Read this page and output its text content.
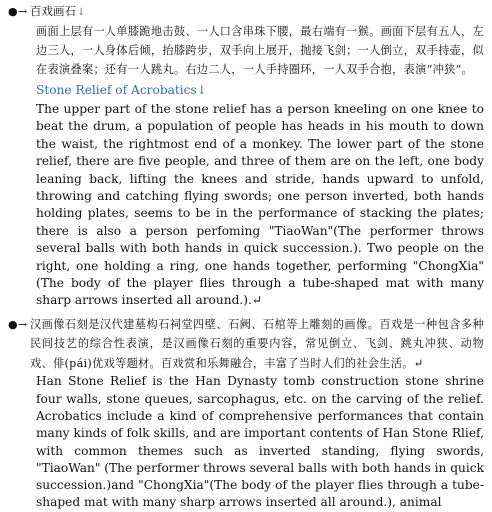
● → 百戏画石↓
画面上层有一人单膝跪地击鼓、一人口含串珠下腰，最右端有一猴。画面下层有五人，左边三人，一人身体后倾，抬膝跨步，双手向上展开，抛接飞剑；一人倒立，双手持壶，似在表演叠案；还有一人跳丸。右边二人，一人手持圈环，一人双手合抱，表演“冲狭”。
Stone Relief of Acrobatics↓
The upper part of the stone relief has a person kneeling on one knee to beat the drum, a population of people has heads in his mouth to down the waist, the rightmost end of a monkey. The lower part of the stone relief, there are five people, and three of them are on the left, one body leaning back, lifting the knees and stride, hands upward to unfold, throwing and catching flying swords; one person inverted, both hands holding plates, seems to be in the performance of stacking the plates; there is also a person perfoming "TiaoWan"(The performer throws several balls with both hands in quick succession.). Two people on the right, one holding a ring, one hands together, performing "ChongXia"(The body of the player flies through a tube-shaped mat with many sharp arrows inserted all around.).↵
● → 汉画像石刻是汉代建墓构石祠堂四壁、石阙、石棺等上雕刻的画像。百戏是一种包含多种民间技艺的综合性表演，是汉画像石刻的重要内容，常见倒立、飞剑、跳丸冲狭、动物戏、俳(pái)优戏等题材。百戏赏和乐舞融合，丰富了当时人们的社会生活。↵
Han Stone Relief is the Han Dynasty tomb construction stone shrine four walls, stone queues, sarcophagus, etc. on the carving of the relief. Acrobatics include a kind of comprehensive performances that contain many kinds of folk skills, and are important contents of Han Stone Rlief, with common themes such as inverted standing, flying swords, "TiaoWan" (The performer throws several balls with both hands in quick succession.)and "ChongXia"(The body of the player flies through a tube-shaped mat with many sharp arrows inserted all around.), animal
